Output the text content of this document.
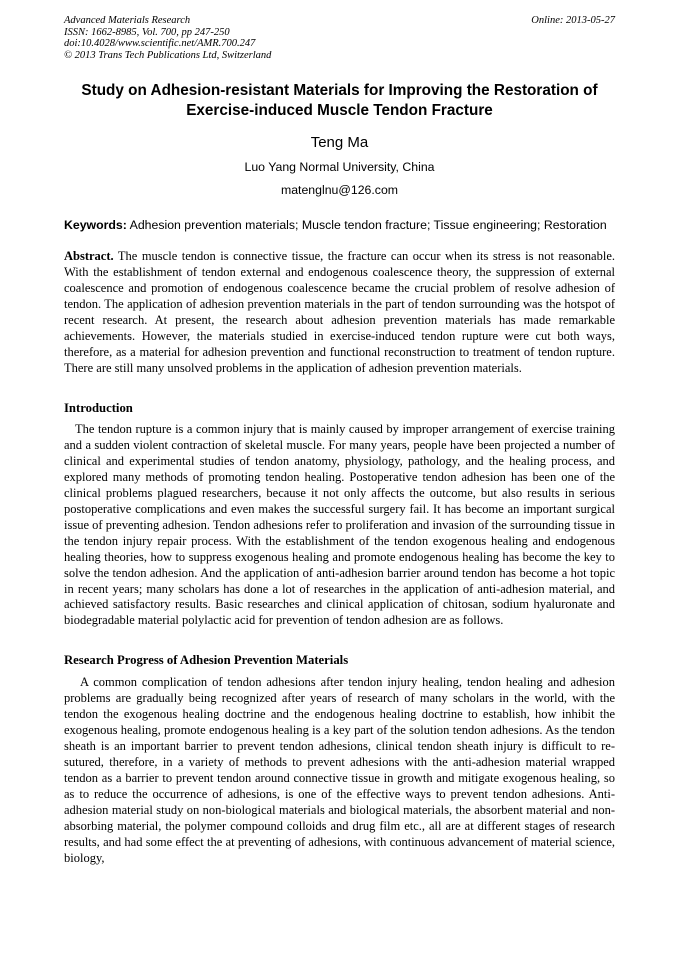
Advanced Materials Research
ISSN: 1662-8985, Vol. 700, pp 247-250
doi:10.4028/www.scientific.net/AMR.700.247
© 2013 Trans Tech Publications Ltd, Switzerland
Online: 2013-05-27
Study on Adhesion-resistant Materials for Improving the Restoration of Exercise-induced Muscle Tendon Fracture
Teng Ma
Luo Yang Normal University, China
matenglnu@126.com
Keywords: Adhesion prevention materials; Muscle tendon fracture; Tissue engineering; Restoration
Abstract. The muscle tendon is connective tissue, the fracture can occur when its stress is not reasonable. With the establishment of tendon external and endogenous coalescence theory, the suppression of external coalescence and promotion of endogenous coalescence became the crucial problem of resolve adhesion of tendon. The application of adhesion prevention materials in the part of tendon surrounding was the hotspot of recent research. At present, the research about adhesion prevention materials has made remarkable achievements. However, the materials studied in exercise-induced tendon rupture were cut both ways, therefore, as a material for adhesion prevention and functional reconstruction to treatment of tendon rupture. There are still many unsolved problems in the application of adhesion prevention materials.
Introduction
The tendon rupture is a common injury that is mainly caused by improper arrangement of exercise training and a sudden violent contraction of skeletal muscle. For many years, people have been projected a number of clinical and experimental studies of tendon anatomy, physiology, pathology, and the healing process, and explored many methods of promoting tendon healing. Postoperative tendon adhesion has been one of the clinical problems plagued researchers, because it not only affects the outcome, but also results in serious postoperative complications and even makes the successful surgery fail. It has become an important surgical issue of preventing adhesion. Tendon adhesions refer to proliferation and invasion of the surrounding tissue in the tendon injury repair process. With the establishment of the tendon exogenous healing and endogenous healing theories, how to suppress exogenous healing and promote endogenous healing has become the key to solve the tendon adhesion. And the application of anti-adhesion barrier around tendon has become a hot topic in recent years; many scholars has done a lot of researches in the application of anti-adhesion material, and achieved satisfactory results. Basic researches and clinical application of chitosan, sodium hyaluronate and biodegradable material polylactic acid for prevention of tendon adhesion are as follows.
Research Progress of Adhesion Prevention Materials
A common complication of tendon adhesions after tendon injury healing, tendon healing and adhesion problems are gradually being recognized after years of research of many scholars in the world, with the tendon the exogenous healing doctrine and the endogenous healing doctrine to establish, how inhibit the exogenous healing, promote endogenous healing is a key part of the solution tendon adhesions. As the tendon sheath is an important barrier to prevent tendon adhesions, clinical tendon sheath injury is difficult to re-sutured, therefore, in a variety of methods to prevent adhesions with the anti-adhesion material wrapped tendon as a barrier to prevent tendon around connective tissue in growth and mitigate exogenous healing, so as to reduce the occurrence of adhesions, is one of the effective ways to prevent tendon adhesions. Anti- adhesion material study on non-biological materials and biological materials, the absorbent material and non-absorbing material, the polymer compound colloids and drug film etc., all are at different stages of research results, and had some effect the at preventing of adhesions, with continuous advancement of material science, biology,
